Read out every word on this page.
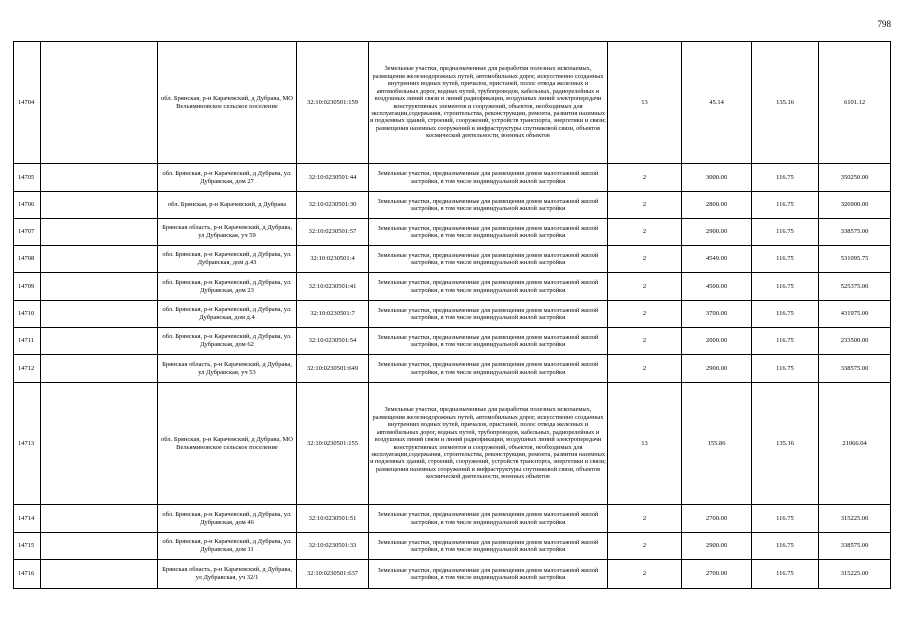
798
14704		обл. Брянская, р-н Карачевский, д Дубрава, МО Вельяминовское сельское поселение	32:10:0230501:159	Земельные участки, предназначенные для разработки полезных ископаемых, размещения железнодорожных путей, автомобильных дорог, искусственно созданных внутренних водных путей, причалов, пристаней, полос отвода железных и автомобильных дорог, водных путей, трубопроводов, кабельных, радиорелейных и воздушных линий связи и линий радиофикации, воздушных линий электропередачи конструктивных элементов и сооружений, объектов, необходимых для эксплуатации,содержания, строительства, реконструкции, ремонта, развития наземных и подземных зданий, строений, сооружений, устройств транспорта, энергетики и связи; размещения наземных сооружений и инфраструктуры спутниковой связи, объектов космической деятельности, военных объектов	13	45.14	135.16	6101.12
14705		обл. Брянская, р-н Карачевский, д Дубрава, ул. Дубравская, дом 27	32:10:0230501:44	Земельные участки, предназначенные для размещения домов малоэтажной жилой застройки, в том числе индивидуальной жилой застройки	2	3000.00	116.75	350250.00
14706		обл. Брянская, р-н Карачевский, д Дубрава	32:10:0230501:30	Земельные участки, предназначенные для размещения домов малоэтажной жилой застройки, в том числе индивидуальной жилой застройки	2	2800.00	116.75	326900.00
14707		Брянская область, р-н Карачевский, д Дубрава, ул Дубравская, уч 59	32:10:0230501:57	Земельные участки, предназначенные для размещения домов малоэтажной жилой застройки, в том числе индивидуальной жилой застройки	2	2900.00	116.75	338575.00
14708		обл. Брянская, р-н Карачевский, д Дубрава, ул. Дубравская, дом д.43	32:10:0230501:4	Земельные участки, предназначенные для размещения домов малоэтажной жилой застройки, в том числе индивидуальной жилой застройки	2	4549.00	116.75	531095.75
14709		обл. Брянская, р-н Карачевский, д Дубрава, ул. Дубравская, дом 23	32:10:0230501:41	Земельные участки, предназначенные для размещения домов малоэтажной жилой застройки, в том числе индивидуальной жилой застройки	2	4500.00	116.75	525375.00
14710		обл. Брянская, р-н Карачевский, д Дубрава, ул. Дубравская, дом д.4	32:10:0230501:7	Земельные участки, предназначенные для размещения домов малоэтажной жилой застройки, в том числе индивидуальной жилой застройки	2	3700.00	116.75	431975.00
14711		обл. Брянская, р-н Карачевский, д Дубрава, ул. Дубравская, дом 62	32:10:0230501:54	Земельные участки, предназначенные для размещения домов малоэтажной жилой застройки, в том числе индивидуальной жилой застройки	2	2000.00	116.75	233500.00
14712		Брянская область, р-н Карачевский, д Дубрава, ул Дубравская, уч 53	32:10:0230501:649	Земельные участки, предназначенные для размещения домов малоэтажной жилой застройки, в том числе индивидуальной жилой застройки	2	2900.00	116.75	338575.00
14713		обл. Брянская, р-н Карачевский, д Дубрава, МО Вельяминовское сельское поселение	32:10:0230501:155	Земельные участки, предназначенные для разработки полезных ископаемых, размещения железнодорожных путей, автомобильных дорог, искусственно созданных внутренних водных путей, причалов, пристаней, полос отвода железных и автомобильных дорог, водных путей, трубопроводов, кабельных, радиорелейных и воздушных линий связи и линий радиофикации, воздушных линий электропередачи конструктивных элементов и сооружений, объектов, необходимых для эксплуатации,содержания, строительства, реконструкции, ремонта, развития наземных и подземных зданий, строений, сооружений, устройств транспорта, энергетики и связи; размещения наземных сооружений и инфраструктуры спутниковой связи, объектов космической деятельности, военных объектов	13	155.86	135.16	21066.04
14714		обл. Брянская, р-н Карачевский, д Дубрава, ул. Дубравская, дом 46	32:10:0230501:51	Земельные участки, предназначенные для размещения домов малоэтажной жилой застройки, в том числе индивидуальной жилой застройки	2	2700.00	116.75	315225.00
14715		обл. Брянская, р-н Карачевский, д Дубрава, ул. Дубравская, дом 11	32:10:0230501:33	Земельные участки, предназначенные для размещения домов малоэтажной жилой застройки, в том числе индивидуальной жилой застройки	2	2900.00	116.75	338575.00
14716		Брянская область, р-н Карачевский, д Дубрава, ул Дубравская, уч 32/1	32:10:0230501:637	Земельные участки, предназначенные для размещения домов малоэтажной жилой застройки, в том числе индивидуальной жилой застройки	2	2700.00	116.75	315225.00
